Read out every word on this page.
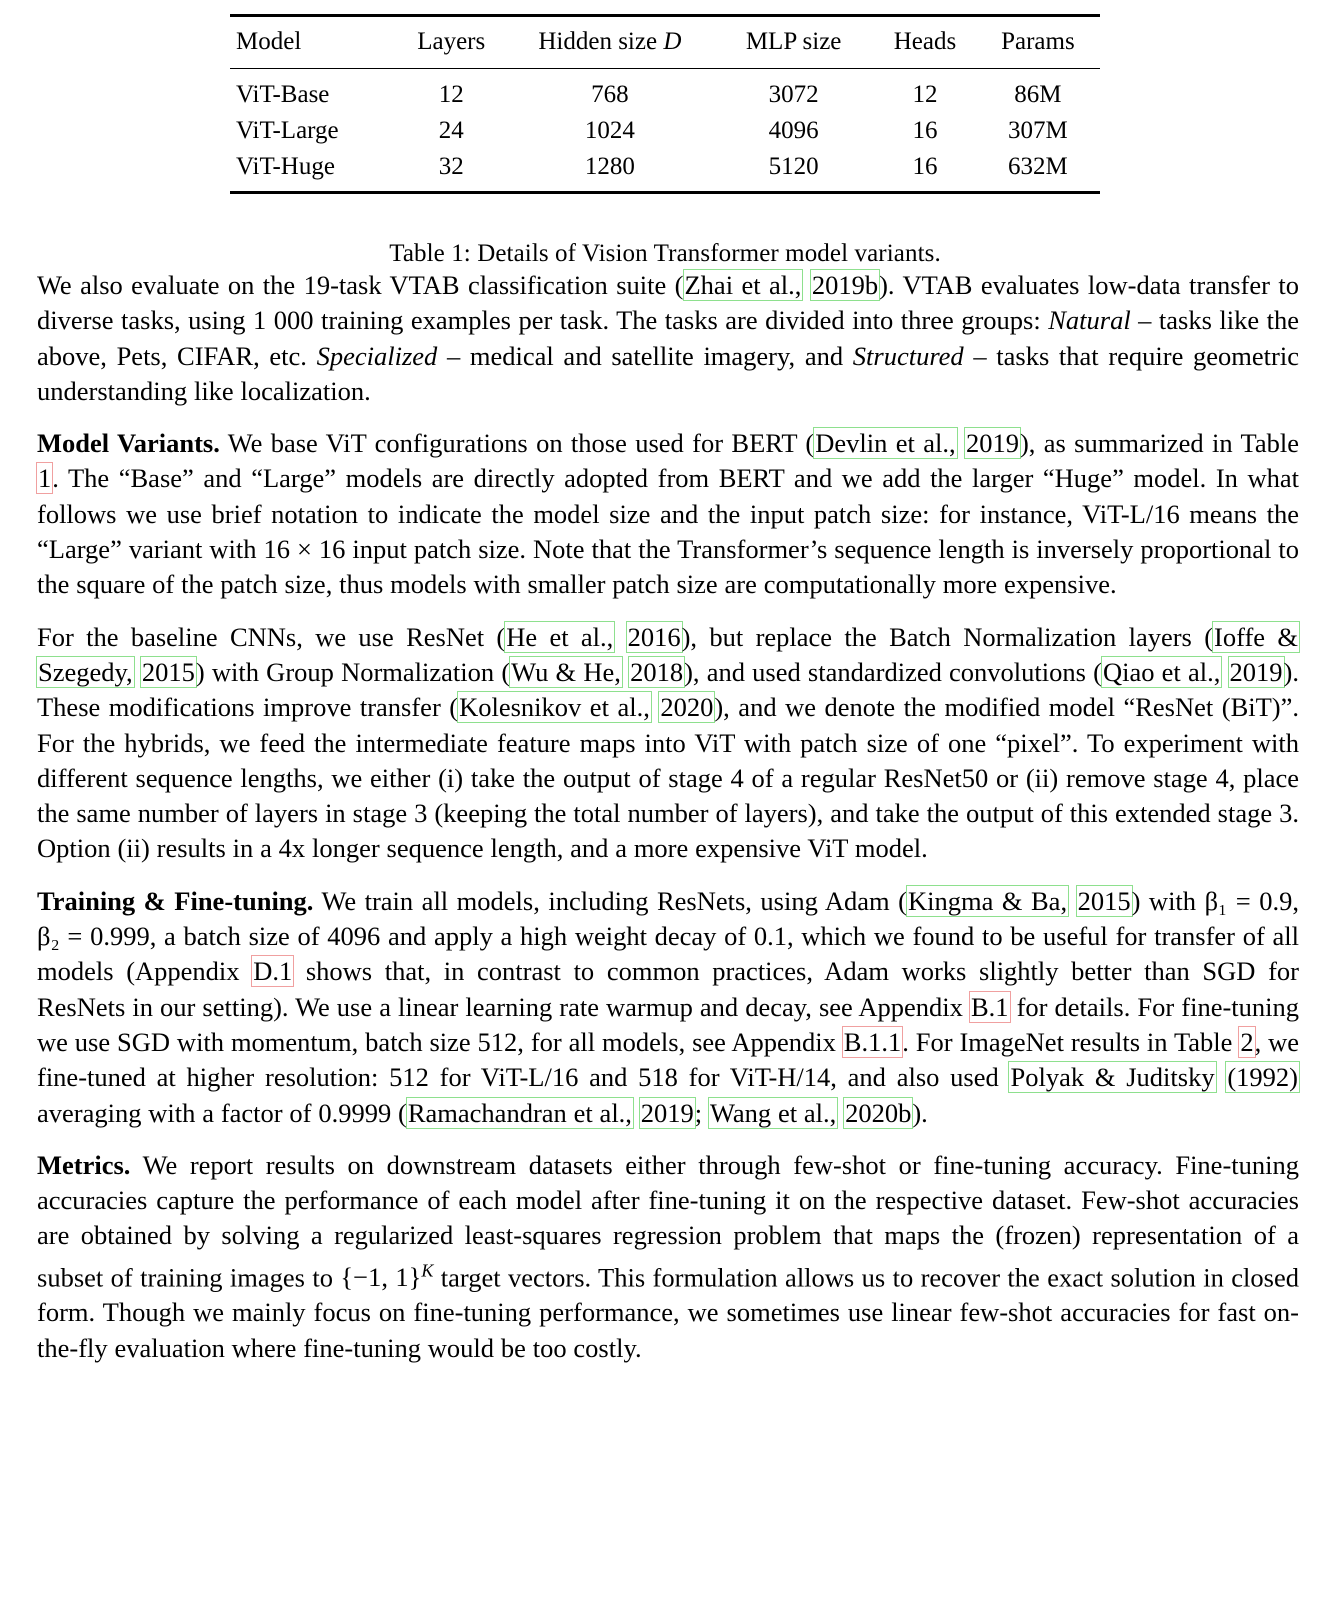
Model	Layers	Hidden size D	MLP size	Heads	Params
ViT-Base	12	768	3072	12	86M
ViT-Large	24	1024	4096	16	307M
ViT-Huge	32	1280	5120	16	632M
Table 1: Details of Vision Transformer model variants.

We also evaluate on the 19-task VTAB classification suite (Zhai et al., 2019b). VTAB evaluates low-data transfer to diverse tasks, using 1 000 training examples per task. The tasks are divided into three groups: Natural – tasks like the above, Pets, CIFAR, etc. Specialized – medical and satellite imagery, and Structured – tasks that require geometric understanding like localization.

Model Variants. We base ViT configurations on those used for BERT (Devlin et al., 2019), as summarized in Table 1. The “Base” and “Large” models are directly adopted from BERT and we add the larger “Huge” model. In what follows we use brief notation to indicate the model size and the input patch size: for instance, ViT-L/16 means the “Large” variant with 16 × 16 input patch size. Note that the Transformer’s sequence length is inversely proportional to the square of the patch size, thus models with smaller patch size are computationally more expensive.

For the baseline CNNs, we use ResNet (He et al., 2016), but replace the Batch Normalization layers (Ioffe & Szegedy, 2015) with Group Normalization (Wu & He, 2018), and used standardized convolutions (Qiao et al., 2019). These modifications improve transfer (Kolesnikov et al., 2020), and we denote the modified model “ResNet (BiT)”. For the hybrids, we feed the intermediate feature maps into ViT with patch size of one “pixel”. To experiment with different sequence lengths, we either (i) take the output of stage 4 of a regular ResNet50 or (ii) remove stage 4, place the same number of layers in stage 3 (keeping the total number of layers), and take the output of this extended stage 3. Option (ii) results in a 4x longer sequence length, and a more expensive ViT model.

Training & Fine-tuning. We train all models, including ResNets, using Adam (Kingma & Ba, 2015) with β₁ = 0.9, β₂ = 0.999, a batch size of 4096 and apply a high weight decay of 0.1, which we found to be useful for transfer of all models (Appendix D.1 shows that, in contrast to common practices, Adam works slightly better than SGD for ResNets in our setting). We use a linear learning rate warmup and decay, see Appendix B.1 for details. For fine-tuning we use SGD with momentum, batch size 512, for all models, see Appendix B.1.1. For ImageNet results in Table 2, we fine-tuned at higher resolution: 512 for ViT-L/16 and 518 for ViT-H/14, and also used Polyak & Juditsky (1992) averaging with a factor of 0.9999 (Ramachandran et al., 2019; Wang et al., 2020b).

Metrics. We report results on downstream datasets either through few-shot or fine-tuning accuracy. Fine-tuning accuracies capture the performance of each model after fine-tuning it on the respective dataset. Few-shot accuracies are obtained by solving a regularized least-squares regression problem that maps the (frozen) representation of a subset of training images to {−1, 1}$^K$ target vectors. This formulation allows us to recover the exact solution in closed form. Though we mainly focus on fine-tuning performance, we sometimes use linear few-shot accuracies for fast on-the-fly evaluation where fine-tuning would be too costly.
